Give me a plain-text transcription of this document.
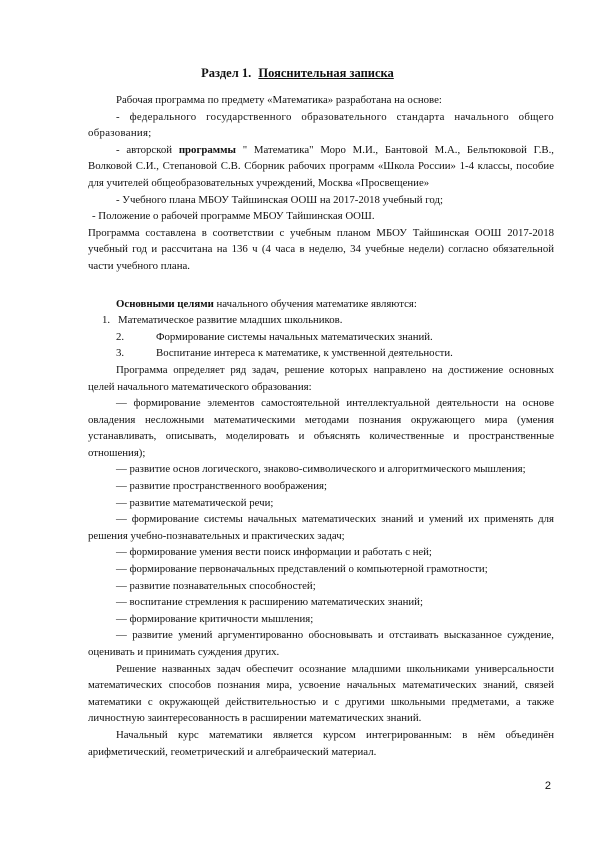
Раздел 1. Пояснительная записка

Рабочая программа по предмету «Математика» разработана на основе:

- федерального государственного образовательного стандарта начального общего образования;

- авторской программы " Математика" Моро М.И., Бантовой М.А., Бельтюковой Г.В., Волковой С.И., Степановой С.В. Сборник рабочих программ «Школа России» 1-4 классы, пособие для учителей общеобразовательных учреждений, Москва «Просвещение»

- Учебного плана МБОУ Тайшинская ООШ на 2017-2018 учебный год;

- Положение о рабочей программе МБОУ Тайшинская ООШ.

Программа составлена в соответствии с учебным планом МБОУ Тайшинская ООШ 2017-2018 учебный год и рассчитана на 136 ч (4 часа в неделю, 34 учебные недели) согласно обязательной части учебного плана.

Основными целями начального обучения математике являются:

1. Математическое развитие младших школьников.
2.	Формирование системы начальных математических знаний.
3.	Воспитание интереса к математике, к умственной деятельности.

Программа определяет ряд задач, решение которых направлено на достижение основных целей начального математического образования:

— формирование элементов самостоятельной интеллектуальной деятельности на основе овладения несложными математическими методами познания окружающего мира (умения устанавливать, описывать, моделировать и объяснять количественные и пространственные отношения);

— развитие основ логического, знаково-символического и алгоритмического мышления;

— развитие пространственного воображения;

— развитие математической речи;

— формирование системы начальных математических знаний и умений их применять для решения учебно-познавательных и практических задач;

— формирование умения вести поиск информации и работать с ней;

— формирование первоначальных представлений о компьютерной грамотности;

— развитие познавательных способностей;

— воспитание стремления к расширению математических знаний;

— формирование критичности мышления;

— развитие умений аргументированно обосновывать и отстаивать высказанное суждение, оценивать и принимать суждения других.

Решение названных задач обеспечит осознание младшими школьниками универсальности математических способов познания мира, усвоение начальных математических знаний, связей математики с окружающей действительностью и с другими школьными предметами, а также личностную заинтересованность в расширении математических знаний.

Начальный курс математики является курсом интегрированным: в нём объединён арифметический, геометрический и алгебраический материал.

2
